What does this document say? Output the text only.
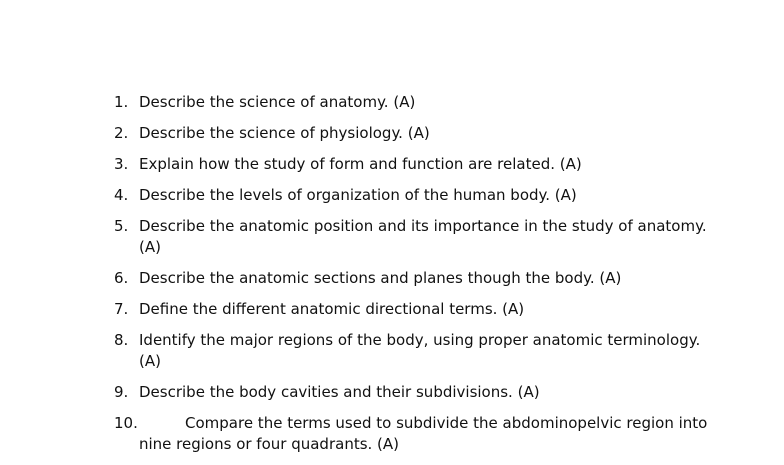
1. Describe the science of anatomy. (A)
2. Describe the science of physiology. (A)
3. Explain how the study of form and function are related. (A)
4. Describe the levels of organization of the human body. (A)
5. Describe the anatomic position and its importance in the study of anatomy. (A)
6. Describe the anatomic sections and planes though the body. (A)
7. Define the different anatomic directional terms. (A)
8. Identify the major regions of the body, using proper anatomic terminology. (A)
9. Describe the body cavities and their subdivisions. (A)
10.	Compare the terms used to subdivide the abdominopelvic region into nine regions or four quadrants. (A)
